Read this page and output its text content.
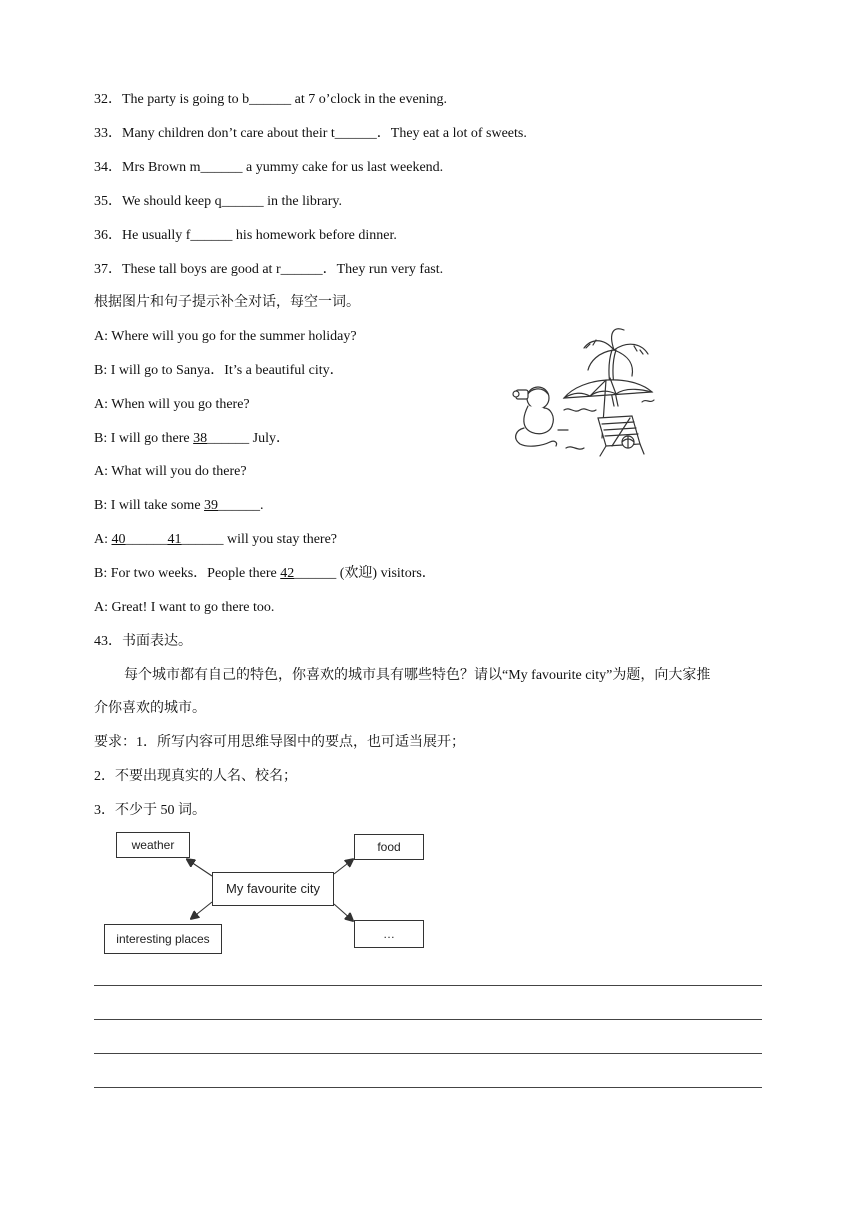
32．The party is going to b______ at 7 o’clock in the evening.
33．Many children don’t care about their t______．They eat a lot of sweets.
34．Mrs Brown m______ a yummy cake for us last weekend.
35．We should keep q______ in the library.
36．He usually f______ his homework before dinner.
37．These tall boys are good at r______．They run very fast.
根据图片和句子提示补全对话，每空一词。
A: Where will you go for the summer holiday?
B: I will go to Sanya．It’s a beautiful city．
A: When will you go there?
B: I will go there 38______ July．
A: What will you do there?
B: I will take some 39______.
A: 40______41______ will you stay there?
B: For two weeks．People there 42______ (欢迎) visitors．
A: Great! I want to go there too.
43．书面表达。
每个城市都有自己的特色，你喜欢的城市具有哪些特色？请以“My favourite city”为题，向大家推
介你喜欢的城市。
要求：1．所写内容可用思维导图中的要点，也可适当展开；
2．不要出现真实的人名、校名；
3．不少于 50 词。
weather	food
My favourite city
interesting places	…
